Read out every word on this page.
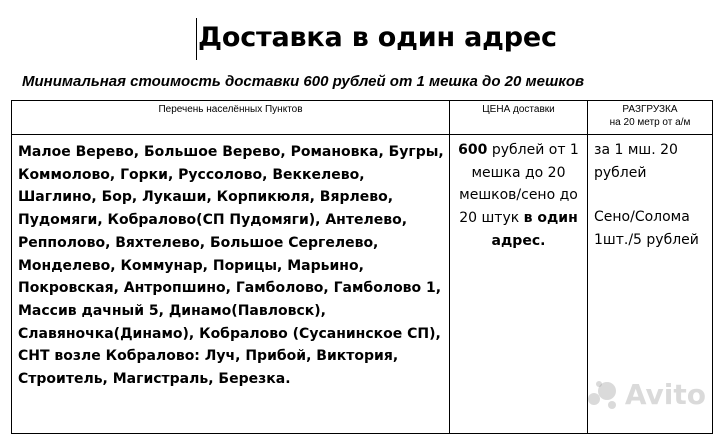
Доставка в один адрес
Минимальная стоимость доставки 600 рублей от 1 мешка до 20 мешков
Перечень населённых Пунктов	ЦЕНА доставки	РАЗГРУЗКА
на 20 метр от а/м
Малое Верево, Большое Верево, Романовка, Бугры, Коммолово, Горки, Руссолово, Веккелево, Шаглино, Бор, Лукаши, Корпикюля, Вярлево, Пудомяги, Кобралово(СП Пудомяги), Антелево, Репполово, Вяхтелево, Большое Сергелево, Монделево, Коммунар, Порицы, Марьино, Покровская, Антропшино, Гамболово, Гамболово 1, Массив дачный 5, Динамо(Павловск), Славяночка(Динамо), Кобралово (Сусанинское СП), СНТ возле Кобралово: Луч, Прибой, Виктория, Строитель, Магистраль, Березка.	600 рублей от 1 мешка до 20 мешков/сено до 20 штук в один адрес.	за 1 мш. 20 рублей
Сено/Солома 1шт./5 рублей
Avito
